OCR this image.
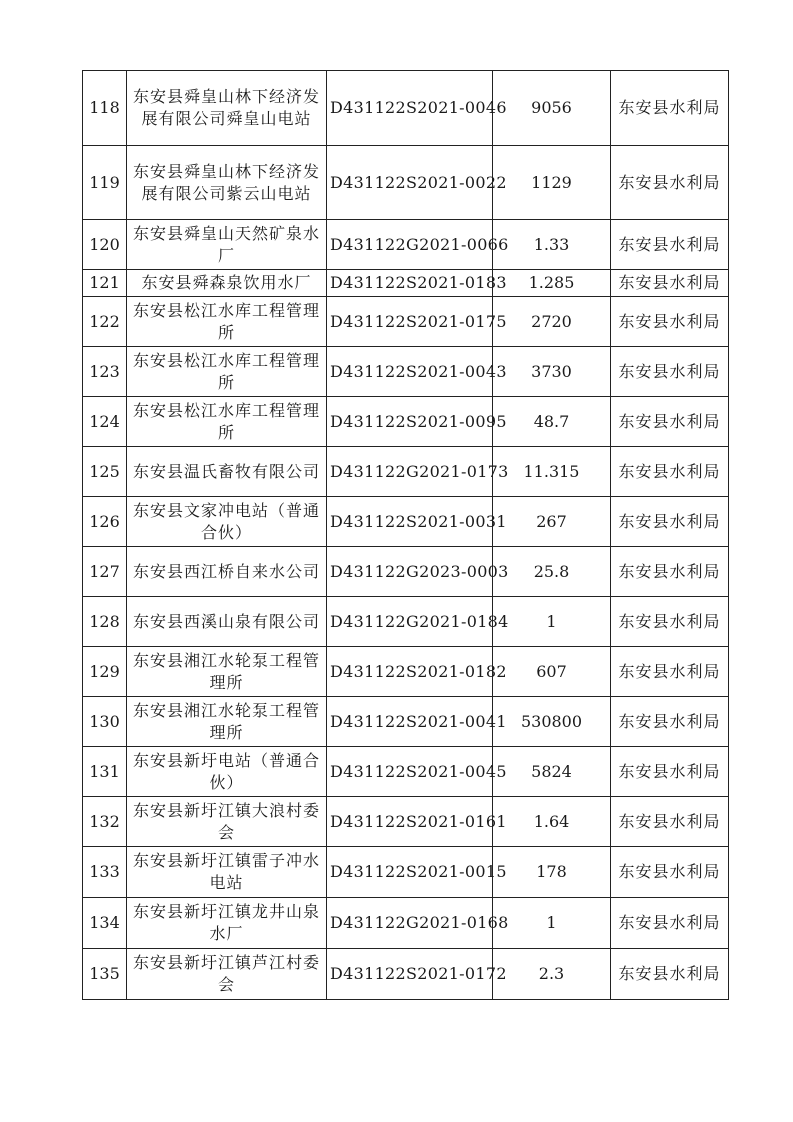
118	东安县舜皇山林下经济发展有限公司舜皇山电站	D431122S2021-0046	9056	东安县水利局
119	东安县舜皇山林下经济发展有限公司紫云山电站	D431122S2021-0022	1129	东安县水利局
120	东安县舜皇山天然矿泉水厂	D431122G2021-0066	1.33	东安县水利局
121	东安县舜森泉饮用水厂	D431122S2021-0183	1.285	东安县水利局
122	东安县松江水库工程管理所	D431122S2021-0175	2720	东安县水利局
123	东安县松江水库工程管理所	D431122S2021-0043	3730	东安县水利局
124	东安县松江水库工程管理所	D431122S2021-0095	48.7	东安县水利局
125	东安县温氏畜牧有限公司	D431122G2021-0173	11.315	东安县水利局
126	东安县文家冲电站（普通合伙）	D431122S2021-0031	267	东安县水利局
127	东安县西江桥自来水公司	D431122G2023-0003	25.8	东安县水利局
128	东安县西溪山泉有限公司	D431122G2021-0184	1	东安县水利局
129	东安县湘江水轮泵工程管理所	D431122S2021-0182	607	东安县水利局
130	东安县湘江水轮泵工程管理所	D431122S2021-0041	530800	东安县水利局
131	东安县新圩电站（普通合伙）	D431122S2021-0045	5824	东安县水利局
132	东安县新圩江镇大浪村委会	D431122S2021-0161	1.64	东安县水利局
133	东安县新圩江镇雷子冲水电站	D431122S2021-0015	178	东安县水利局
134	东安县新圩江镇龙井山泉水厂	D431122G2021-0168	1	东安县水利局
135	东安县新圩江镇芦江村委会	D431122S2021-0172	2.3	东安县水利局
